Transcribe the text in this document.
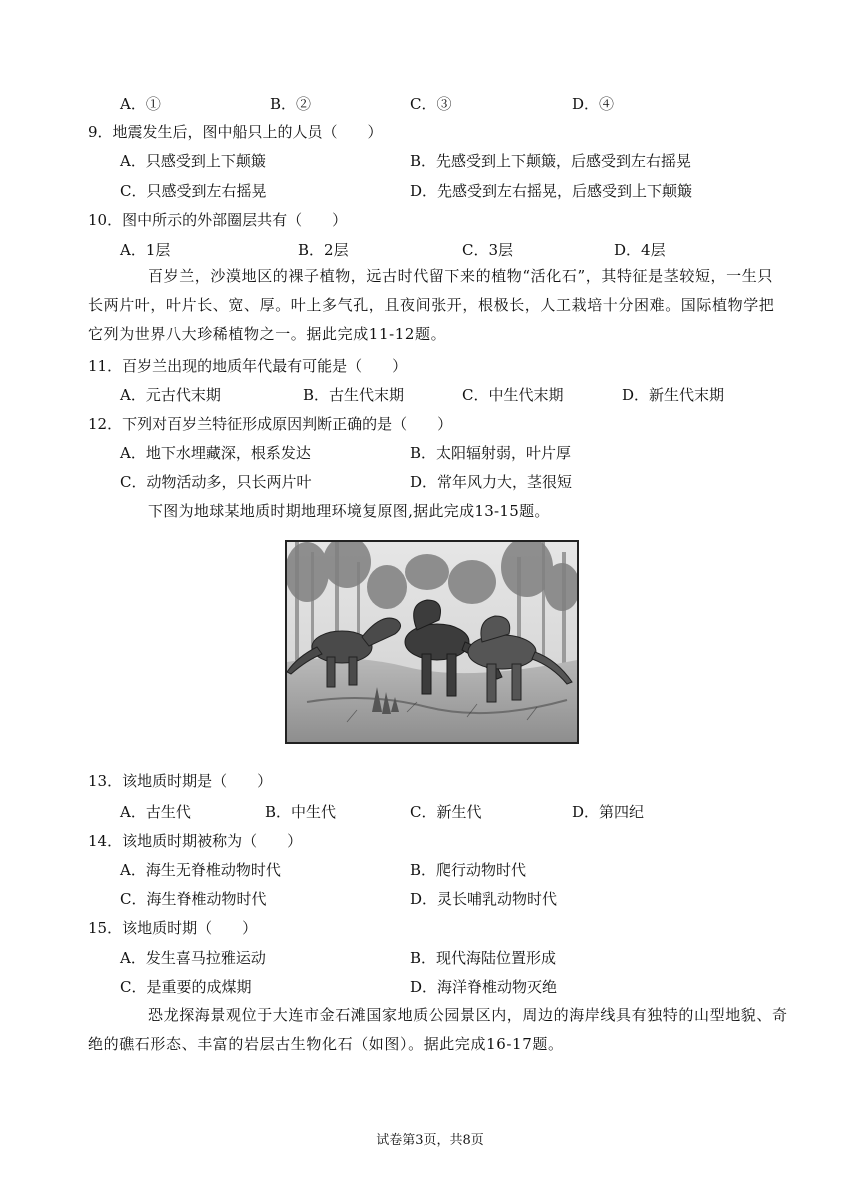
A．①	B．②	C．③	D．④
9．地震发生后，图中船只上的人员（　　）
A．只感受到上下颠簸	B．先感受到上下颠簸，后感受到左右摇晃
C．只感受到左右摇晃	D．先感受到左右摇晃，后感受到上下颠簸
10．图中所示的外部圈层共有（　　）
A．1层	B．2层	C．3层	D．4层
百岁兰，沙漠地区的裸子植物，远古时代留下来的植物“活化石”，其特征是茎较短，一生只长两片叶，叶片长、宽、厚。叶上多气孔，且夜间张开，根极长，人工栽培十分困难。国际植物学把它列为世界八大珍稀植物之一。据此完成11-12题。
11．百岁兰出现的地质年代最有可能是（　　）
A．元古代末期	B．古生代末期	C．中生代末期	D．新生代末期
12．下列对百岁兰特征形成原因判断正确的是（　　）
A．地下水埋藏深，根系发达	B．太阳辐射弱，叶片厚
C．动物活动多，只长两片叶	D．常年风力大，茎很短
下图为地球某地质时期地理环境复原图,据此完成13-15题。
13．该地质时期是（　　）
A．古生代	B．中生代	C．新生代	D．第四纪
14．该地质时期被称为（　　）
A．海生无脊椎动物时代	B．爬行动物时代
C．海生脊椎动物时代	D．灵长哺乳动物时代
15．该地质时期（　　）
A．发生喜马拉雅运动	B．现代海陆位置形成
C．是重要的成煤期	D．海洋脊椎动物灭绝
恐龙探海景观位于大连市金石滩国家地质公园景区内，周边的海岸线具有独特的山型地貌、奇绝的礁石形态、丰富的岩层古生物化石（如图）。据此完成16-17题。
试卷第3页，共8页
